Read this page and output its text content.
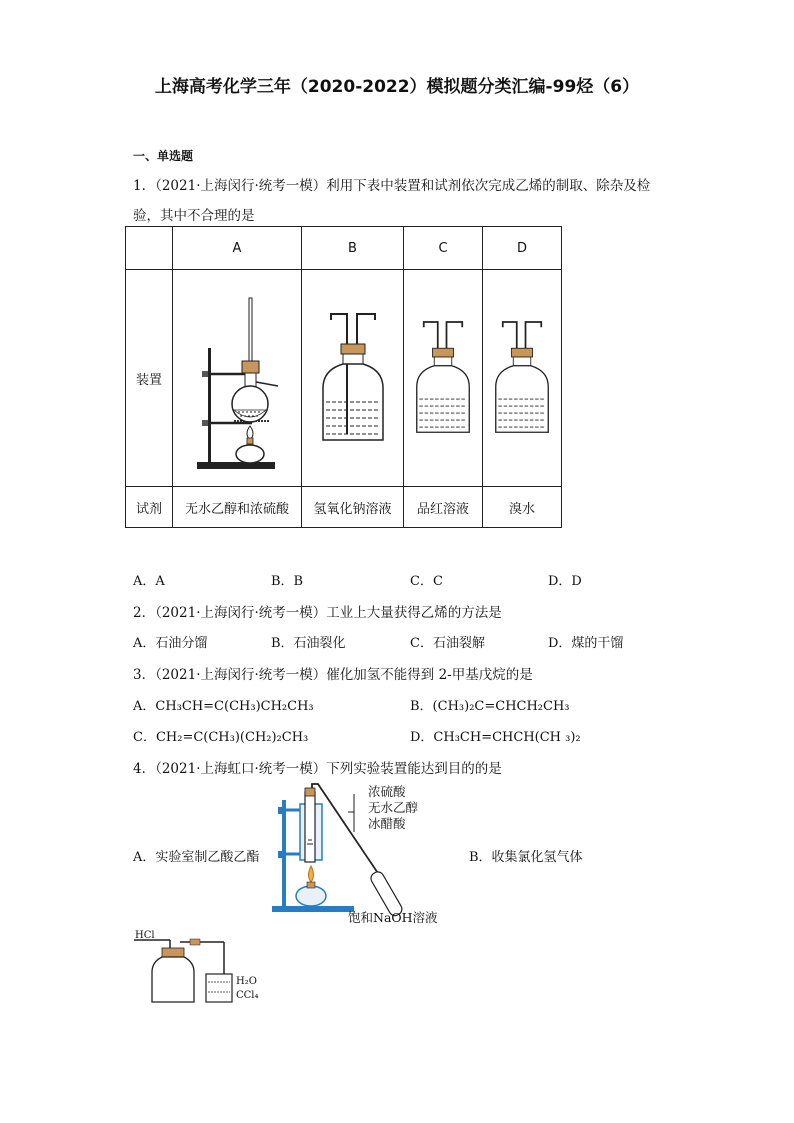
上海高考化学三年（2020-2022）模拟题分类汇编-99烃（6）
一、单选题
1．（2021·上海闵行·统考一模）利用下表中装置和试剂依次完成乙烯的制取、除杂及检
验，其中不合理的是
	A	B	C	D
装置	

试剂	无水乙醇和浓硫酸	氢氧化钠溶液	品红溶液	溴水
A．A	B．B	C．C	D．D
2．（2021·上海闵行·统考一模）工业上大量获得乙烯的方法是
A．石油分馏	B．石油裂化	C．石油裂解	D．煤的干馏
3．（2021·上海闵行·统考一模）催化加氢不能得到 2-甲基戊烷的是
A．CH₃CH=C(CH₃)CH₂CH₃	B．(CH₃)₂C=CHCH₂CH₃
C．CH₂=C(CH₃)(CH₂)₂CH₃	D．CH₃CH=CHCH(CH ₃)₂
4．（2021·上海虹口·统考一模）下列实验装置能达到目的的是
A．实验室制乙酸乙酯	B．收集氯化氢气体
浓硫酸
无水乙醇
冰醋酸
饱和NaOH溶液
HCl
H₂O
CCl₄
